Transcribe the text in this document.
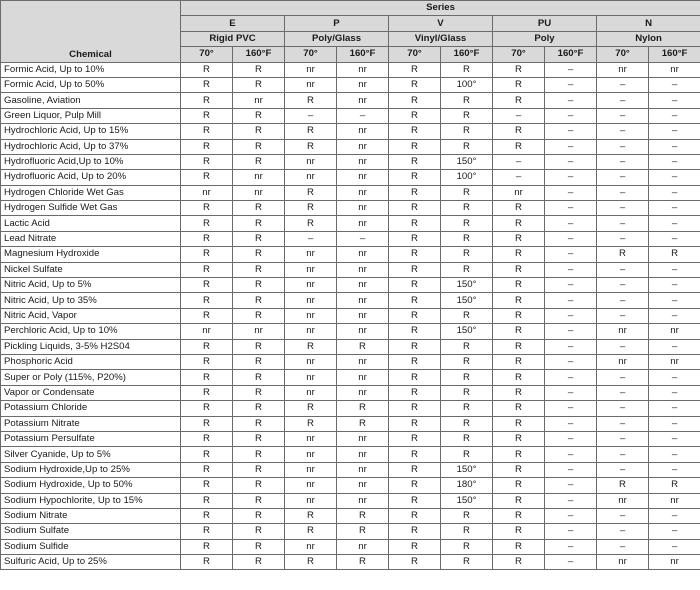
Chemical	Series									
	E		P		V		PU		N	
	Rigid PVC		Poly/Glass		Vinyl/Glass		Poly		Nylon	
	70°	160°F	70°	160°F	70°	160°F	70°	160°F	70°	160°F
Formic Acid, Up to 10%	R	R	nr	nr	R	R	R	–	nr	nr
Formic Acid, Up to 50%	R	R	nr	nr	R	100°	R	–	–	–
Gasoline, Aviation	R	nr	R	nr	R	R	R	–	–	–
Green Liquor, Pulp Mill	R	R	–	–	R	R	–	–	–	–
Hydrochloric Acid, Up to 15%	R	R	R	nr	R	R	R	–	–	–
Hydrochloric Acid, Up to 37%	R	R	R	nr	R	R	R	–	–	–
Hydrofluoric Acid,Up to 10%	R	R	nr	nr	R	150°	–	–	–	–
Hydrofluoric Acid, Up to 20%	R	nr	nr	nr	R	100°	–	–	–	–
Hydrogen Chloride Wet Gas	nr	nr	R	nr	R	R	nr	–	–	–
Hydrogen Sulfide Wet Gas	R	R	R	nr	R	R	R	–	–	–
Lactic Acid	R	R	R	nr	R	R	R	–	–	–
Lead Nitrate	R	R	–	–	R	R	R	–	–	–
Magnesium Hydroxide	R	R	nr	nr	R	R	R	–	R	R
Nickel Sulfate	R	R	nr	nr	R	R	R	–	–	–
Nitric Acid, Up to 5%	R	R	nr	nr	R	150°	R	–	–	–
Nitric Acid, Up to 35%	R	R	nr	nr	R	150°	R	–	–	–
Nitric Acid, Vapor	R	R	nr	nr	R	R	R	–	–	–
Perchloric Acid, Up to 10%	nr	nr	nr	nr	R	150°	R	–	nr	nr
Pickling Liquids, 3-5% H2S04	R	R	R	R	R	R	R	–	–	–
Phosphoric Acid	R	R	nr	nr	R	R	R	–	nr	nr
Super or Poly (115%, P20%)	R	R	nr	nr	R	R	R	–	–	–
Vapor or Condensate	R	R	nr	nr	R	R	R	–	–	–
Potassium Chloride	R	R	R	R	R	R	R	–	–	–
Potassium Nitrate	R	R	R	R	R	R	R	–	–	–
Potassium Persulfate	R	R	nr	nr	R	R	R	–	–	–
Silver Cyanide, Up to 5%	R	R	nr	nr	R	R	R	–	–	–
Sodium Hydroxide,Up to 25%	R	R	nr	nr	R	150°	R	–	–	–
Sodium Hydroxide, Up to 50%	R	R	nr	nr	R	180°	R	–	R	R
Sodium Hypochlorite, Up to 15%	R	R	nr	nr	R	150°	R	–	nr	nr
Sodium Nitrate	R	R	R	R	R	R	R	–	–	–
Sodium Sulfate	R	R	R	R	R	R	R	–	–	–
Sodium Sulfide	R	R	nr	nr	R	R	R	–	–	–
Sulfuric Acid, Up to 25%	R	R	R	R	R	R	R	–	nr	nr
